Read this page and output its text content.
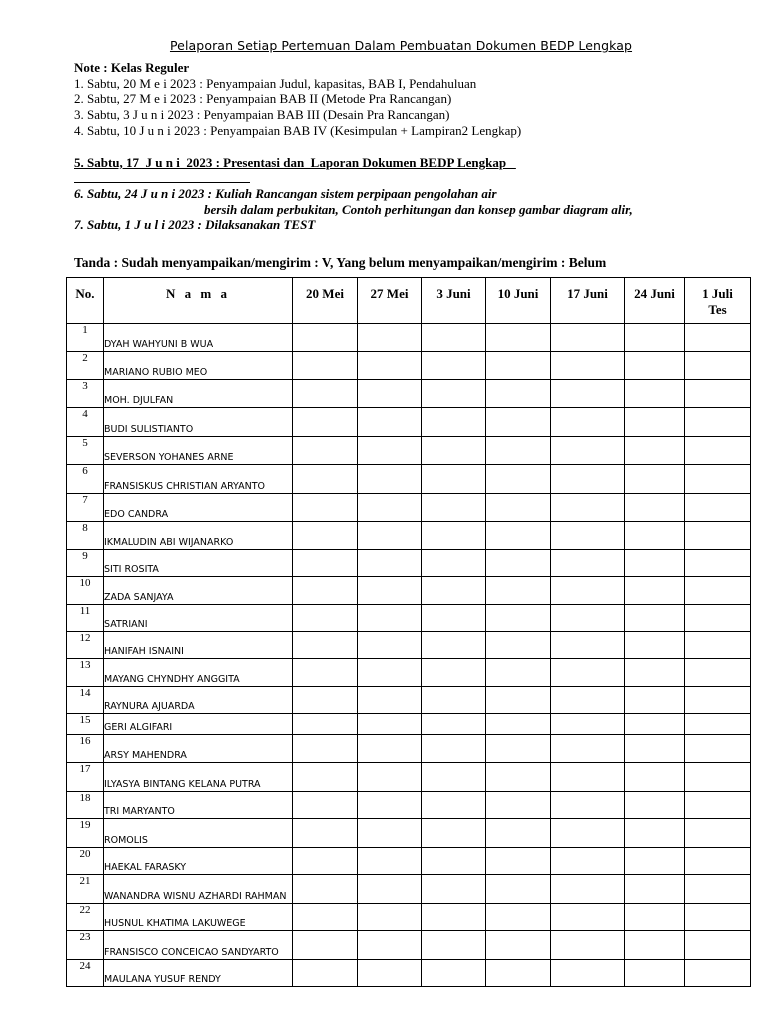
Pelaporan Setiap Pertemuan Dalam Pembuatan Dokumen BEDP Lengkap
Note : Kelas Reguler
1. Sabtu, 20 M e i 2023 : Penyampaian Judul, kapasitas, BAB I, Pendahuluan
2. Sabtu, 27 M e i 2023 : Penyampaian BAB II (Metode Pra Rancangan)
3. Sabtu, 3 J u n i 2023 : Penyampaian BAB III (Desain Pra Rancangan)
4. Sabtu, 10 J u n i 2023 : Penyampaian BAB IV (Kesimpulan + Lampiran2 Lengkap)
5. Sabtu, 17  J u n i  2023 : Presentasi dan  Laporan Dokumen BEDP Lengkap
6. Sabtu, 24 J u n i 2023 : Kuliah Rancangan sistem perpipaan pengolahan air
bersih dalam perbukitan, Contoh perhitungan dan konsep gambar diagram alir,
7. Sabtu, 1 J u l i 2023 : Dilaksanakan TEST
Tanda : Sudah menyampaikan/mengirim : V, Yang belum menyampaikan/mengirim : Belum
No.	N a m a	20 Mei	27 Mei	3 Juni	10 Juni	17 Juni	24 Juni	1 Juli
Tes
1	DYAH WAHYUNI B WUA							
2	MARIANO RUBIO MEO							
3	MOH. DJULFAN							
4	BUDI SULISTIANTO							
5	SEVERSON YOHANES ARNE							
6	FRANSISKUS CHRISTIAN ARYANTO							
7	EDO CANDRA							
8	IKMALUDIN ABI WIJANARKO							
9	SITI ROSITA							
10	ZADA SANJAYA							
11	SATRIANI							
12	HANIFAH ISNAINI							
13	MAYANG CHYNDHY ANGGITA							
14	RAYNURA AJUARDA							
15	GERI ALGIFARI							
16	ARSY MAHENDRA							
17	ILYASYA BINTANG KELANA PUTRA							
18	TRI MARYANTO							
19	ROMOLIS							
20	HAEKAL FARASKY							
21	WANANDRA WISNU AZHARDI RAHMAN							
22	HUSNUL KHATIMA LAKUWEGE							
23	FRANSISCO CONCEICAO SANDYARTO							
24	MAULANA YUSUF RENDY							
